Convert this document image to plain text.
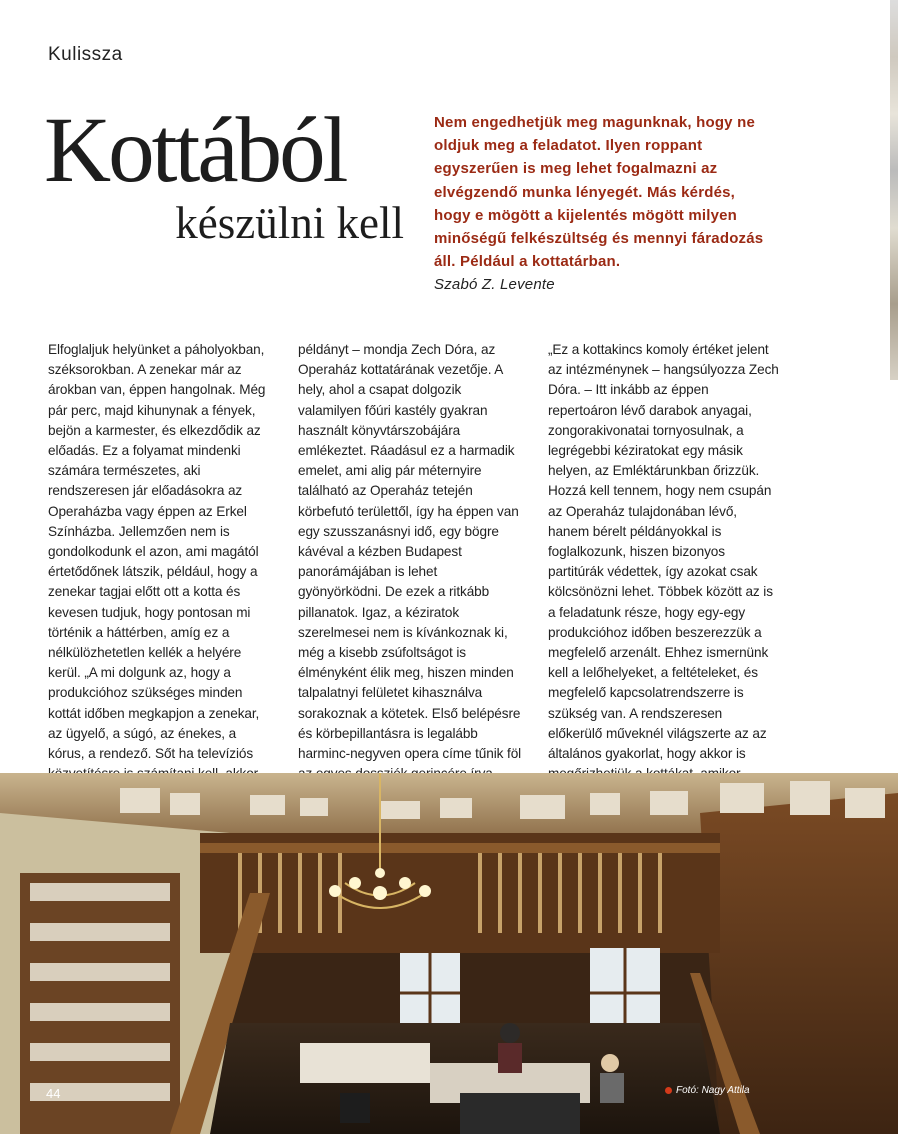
Kulissza
Kottából
készülni kell

Nem engedhetjük meg magunknak, hogy ne oldjuk meg a feladatot. Ilyen roppant egyszerűen is meg lehet fogalmazni az elvégzendő munka lényegét. Más kérdés, hogy e mögött a kijelentés mögött milyen minőségű felkészültség és mennyi fáradozás áll. Például a kottatárban.

Szabó Z. Levente

Elfoglaljuk helyünket a páholyokban, széksorokban. A zenekar már az árokban van, éppen hangolnak. Még pár perc, majd kihunynak a fények, bejön a karmester, és elkezdődik az előadás. Ez a folyamat mindenki számára természetes, aki rendszeresen jár előadásokra az Operaházba vagy éppen az Erkel Színházba. Jellemzően nem is gondolkodunk el azon, ami magától értetődőnek látszik, például, hogy a zenekar tagjai előtt ott a kotta és kevesen tudjuk, hogy pontosan mi történik a háttérben, amíg ez a nélkülözhetetlen kellék a helyére kerül. „A mi dolgunk az, hogy a produkcióhoz szükséges minden kottát időben megkapjon a zenekar, az ügyelő, a súgó, az énekes, a kórus, a rendező. Sőt ha televíziós

példányt – mondja Zech Dóra, az Operaház kottatárának vezetője. A hely, ahol a csapat dolgozik valamilyen főúri kastély gyakran használt könyvtárszobájára emlékeztet. Ráadásul ez a harmadik emelet, ami alig pár méternyire található az Operaház tetején körbefutó területtől, így ha éppen van egy szusszanásnyi idő, egy bögre kávéval a kézben Budapest panorámájában is lehet gyönyörködni. De ezek a ritkább pillanatok. Igaz, a kéziratok szerelmesei nem is kívánkoznak ki, még a kisebb zsúfoltságot is élményként élik meg, hiszen minden talpalatnyi felületet kihasználva sorakoznak a kötetek. Első belépésre és körbepillantásra is legalább harminc-negyven opera címe tűnik föl

„Ez a kottakincs komoly értéket jelent az intézménynek – hangsúlyozza Zech Dóra. – Itt inkább az éppen repertoáron lévő darabok anyagai, zongorakivonatai tornyosulnak, a legrégebbi kéziratokat egy másik helyen, az Emléktárunkban őrizzük. Hozzá kell tennem, hogy nem csupán az Operaház tulajdonában lévő, hanem bérelt példányokkal is foglalkozunk, hiszen bizonyos partitúrák védettek, így azokat csak kölcsönözni lehet. Többek között az is a feladatunk része, hogy egy-egy produkcióhoz időben beszerezzük a megfelelő arzenált. Ehhez ismernünk kell a lelőhelyeket, a feltételeket, és megfelelő kapcsolatrendszerre is szükség van. A rendszeresen előkerülő műveknél világszerte az az általános gyakorlat, hogy akkor is

44	Fotó: Nagy Attila
